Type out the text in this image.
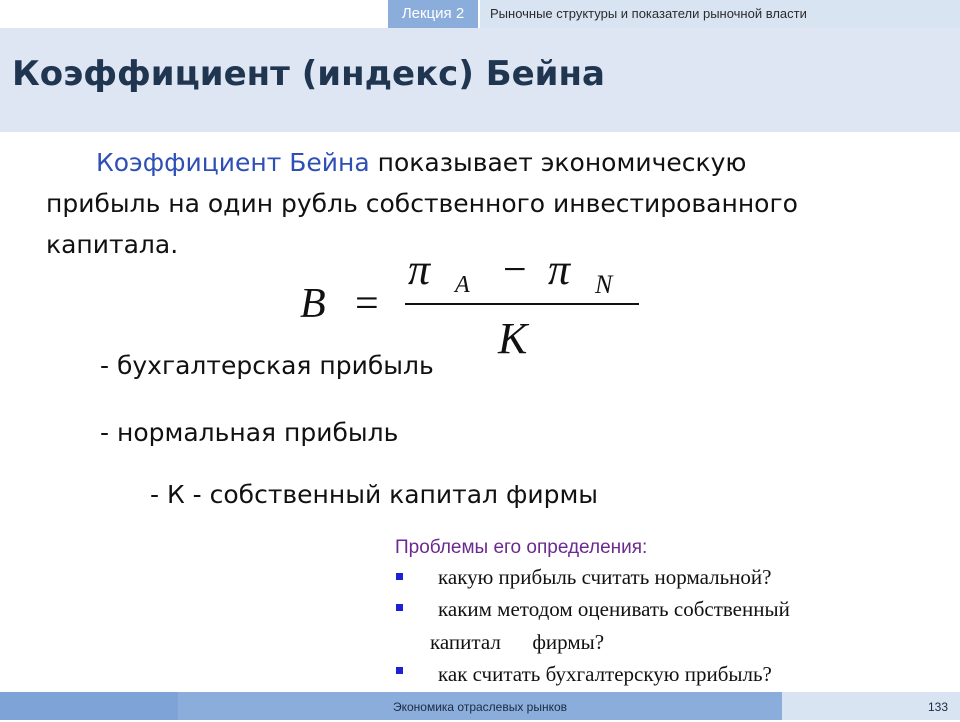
Лекция 2	Рыночные структуры и показатели рыночной власти
Коэффициент (индекс) Бейна
Коэффициент Бейна показывает экономическую
прибыль на один рубль собственного инвестированного
капитала.
B =
π A − π N
K
- бухгалтерская прибыль
- нормальная прибыль
- К - собственный капитал фирмы
Проблемы его определения:
какую прибыль считать нормальной?
каким методом оценивать собственный
капитал      фирмы?
как считать бухгалтерскую прибыль?
Экономика отраслевых рынков	133
